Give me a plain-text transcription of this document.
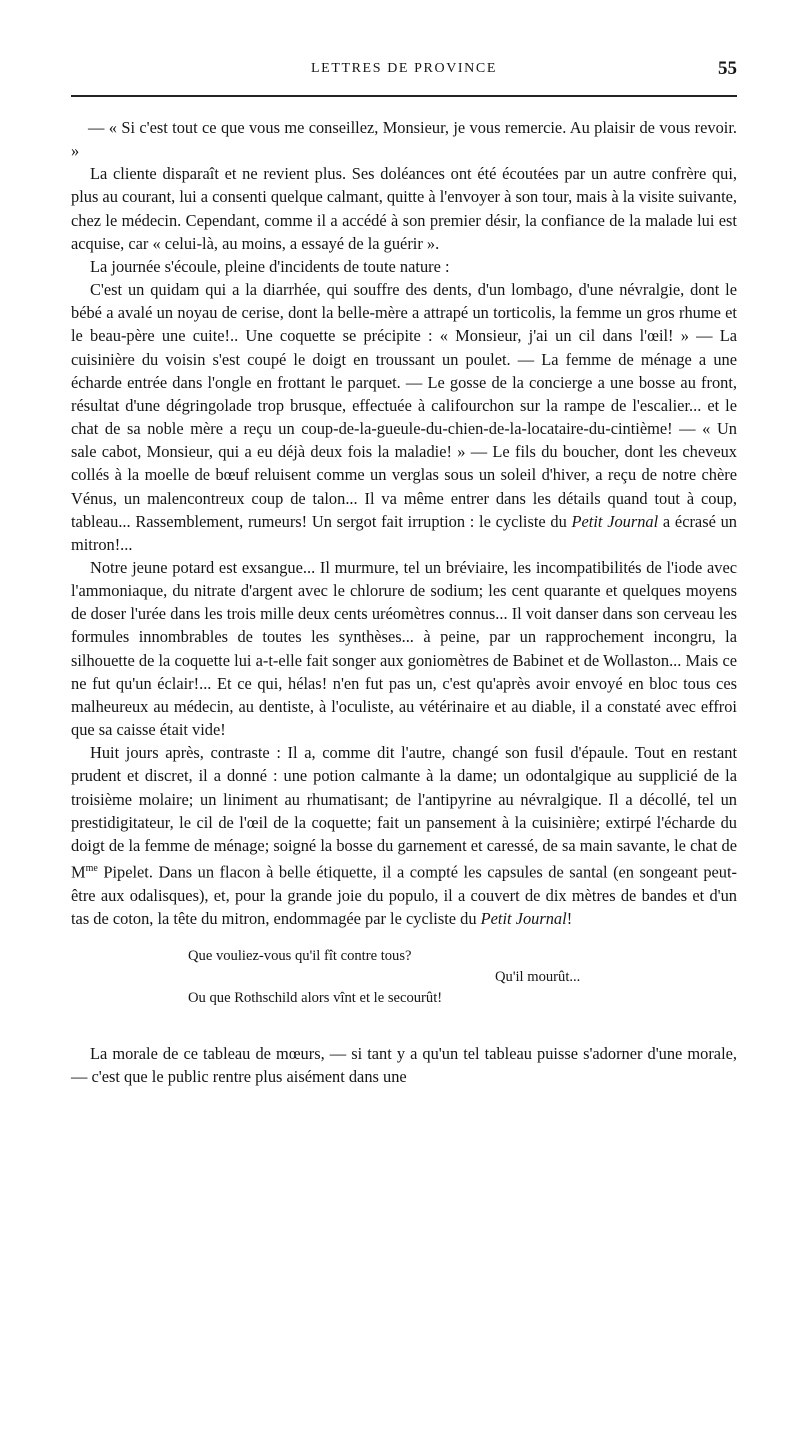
LETTRES DE PROVINCE	55

— « Si c'est tout ce que vous me conseillez, Monsieur, je vous remercie. Au plaisir de vous revoir. »

La cliente disparaît et ne revient plus. Ses doléances ont été écoutées par un autre confrère qui, plus au courant, lui a consenti quelque calmant, quitte à l'envoyer à son tour, mais à la visite suivante, chez le médecin. Cependant, comme il a accédé à son premier désir, la confiance de la malade lui est acquise, car « celui-là, au moins, a essayé de la guérir ».

La journée s'écoule, pleine d'incidents de toute nature :

C'est un quidam qui a la diarrhée, qui souffre des dents, d'un lombago, d'une névralgie, dont le bébé a avalé un noyau de cerise, dont la belle-mère a attrapé un torticolis, la femme un gros rhume et le beau-père une cuite!.. Une coquette se précipite : « Monsieur, j'ai un cil dans l'œil! » — La cuisinière du voisin s'est coupé le doigt en troussant un poulet. — La femme de ménage a une écharde entrée dans l'ongle en frottant le parquet. — Le gosse de la concierge a une bosse au front, résultat d'une dégringolade trop brusque, effectuée à califourchon sur la rampe de l'escalier... et le chat de sa noble mère a reçu un coup-de-la-gueule-du-chien-de-la-locataire-du-cintième! — « Un sale cabot, Monsieur, qui a eu déjà deux fois la maladie! » — Le fils du boucher, dont les cheveux collés à la moelle de bœuf reluisent comme un verglas sous un soleil d'hiver, a reçu de notre chère Vénus, un malencontreux coup de talon... Il va même entrer dans les détails quand tout à coup, tableau... Rassemblement, rumeurs! Un sergot fait irruption : le cycliste du Petit Journal a écrasé un mitron!...

Notre jeune potard est exsangue... Il murmure, tel un bréviaire, les incompatibilités de l'iode avec l'ammoniaque, du nitrate d'argent avec le chlorure de sodium; les cent quarante et quelques moyens de doser l'urée dans les trois mille deux cents uréomètres connus... Il voit danser dans son cerveau les formules innombrables de toutes les synthèses... à peine, par un rapprochement incongru, la silhouette de la coquette lui a-t-elle fait songer aux goniomètres de Babinet et de Wollaston... Mais ce ne fut qu'un éclair!... Et ce qui, hélas! n'en fut pas un, c'est qu'après avoir envoyé en bloc tous ces malheureux au médecin, au dentiste, à l'oculiste, au vétérinaire et au diable, il a constaté avec effroi que sa caisse était vide!

Huit jours après, contraste : Il a, comme dit l'autre, changé son fusil d'épaule. Tout en restant prudent et discret, il a donné : une potion calmante à la dame; un odontalgique au supplicié de la troisième molaire; un liniment au rhumatisant; de l'antipyrine au névralgique. Il a décollé, tel un prestidigitateur, le cil de l'œil de la coquette; fait un pansement à la cuisinière; extirpé l'écharde du doigt de la femme de ménage; soigné la bosse du garnement et caressé, de sa main savante, le chat de $M^{me}$ Pipelet. Dans un flacon à belle étiquette, il a compté les capsules de santal (en songeant peut-être aux odalisques), et, pour la grande joie du populo, il a couvert de dix mètres de bandes et d'un tas de coton, la tête du mitron, endommagée par le cycliste du Petit Journal!

Que vouliez-vous qu'il fît contre tous?
Qu'il mourût...
Ou que Rothschild alors vînt et le secourût!

La morale de ce tableau de mœurs, — si tant y a qu'un tel tableau puisse s'adorner d'une morale, — c'est que le public rentre plus aisément dans une
